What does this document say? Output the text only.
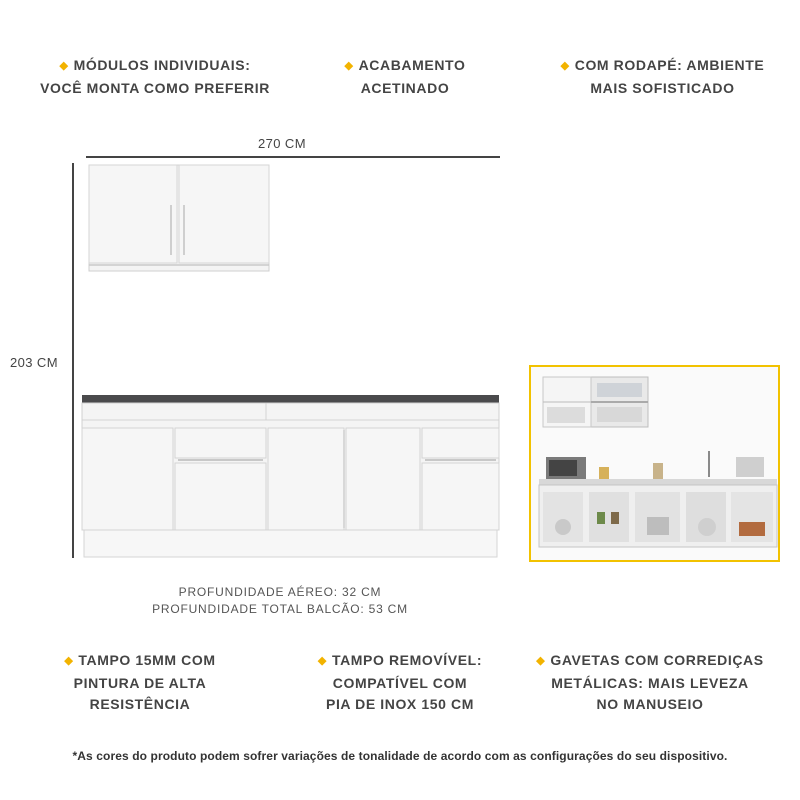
◆ MÓDULOS INDIVIDUAIS:
VOCÊ MONTA COMO PREFERIR
◆ ACABAMENTO
ACETINADO
◆ COM RODAPÉ: AMBIENTE
MAIS SOFISTICADO
270 CM
203 CM
PROFUNDIDADE AÉREO: 32 CM
PROFUNDIDADE TOTAL BALCÃO: 53 CM
◆ TAMPO 15MM COM
PINTURA DE ALTA
RESISTÊNCIA
◆ TAMPO REMOVÍVEL:
COMPATÍVEL COM
PIA DE INOX 150 CM
◆ GAVETAS COM CORREDIÇAS
METÁLICAS: MAIS LEVEZA
NO MANUSEIO
*As cores do produto podem sofrer variações de tonalidade de acordo com as configurações do seu dispositivo.
